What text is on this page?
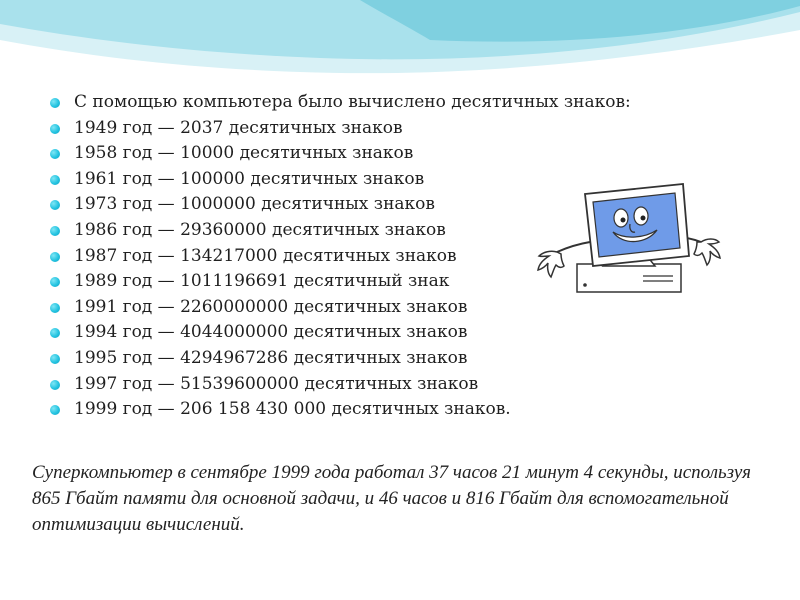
С помощью компьютера было вычислено десятичных знаков:
1949 год — 2037 десятичных знаков
1958 год — 10000 десятичных знаков
1961 год — 100000 десятичных знаков
1973 год — 1000000 десятичных знаков
1986 год — 29360000 десятичных знаков
1987 год — 134217000 десятичных знаков
1989 год — 1011196691 десятичный знак
1991 год — 2260000000 десятичных знаков
1994 год — 4044000000 десятичных знаков
1995 год — 4294967286 десятичных знаков
1997 год — 51539600000 десятичных знаков
1999 год — 206 158 430 000 десятичных знаков.

Суперкомпьютер в сентябре 1999 года работал 37 часов 21 минут 4 секунды, используя 865 Гбайт памяти для основной задачи, и 46 часов и 816 Гбайт для вспомогательной оптимизации вычислений.
